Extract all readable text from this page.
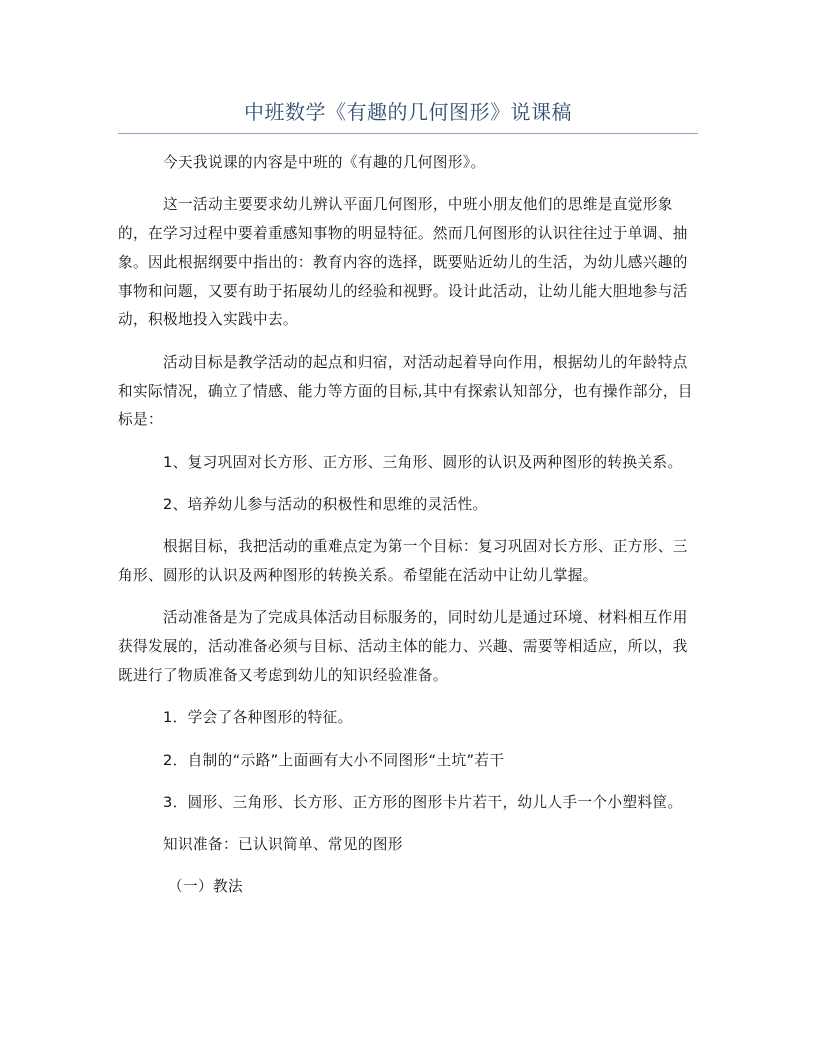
中班数学《有趣的几何图形》说课稿

今天我说课的内容是中班的《有趣的几何图形》。

这一活动主要要求幼儿辨认平面几何图形，中班小朋友他们的思维是直觉形象的，在学习过程中要着重感知事物的明显特征。然而几何图形的认识往往过于单调、抽象。因此根据纲要中指出的：教育内容的选择，既要贴近幼儿的生活，为幼儿感兴趣的事物和问题，又要有助于拓展幼儿的经验和视野。设计此活动，让幼儿能大胆地参与活动，积极地投入实践中去。

活动目标是教学活动的起点和归宿，对活动起着导向作用，根据幼儿的年龄特点和实际情况，确立了情感、能力等方面的目标,其中有探索认知部分，也有操作部分，目标是：

1、复习巩固对长方形、正方形、三角形、圆形的认识及两种图形的转换关系。

2、培养幼儿参与活动的积极性和思维的灵活性。

根据目标，我把活动的重难点定为第一个目标：复习巩固对长方形、正方形、三角形、圆形的认识及两种图形的转换关系。希望能在活动中让幼儿掌握。

活动准备是为了完成具体活动目标服务的，同时幼儿是通过环境、材料相互作用获得发展的，活动准备必须与目标、活动主体的能力、兴趣、需要等相适应，所以，我既进行了物质准备又考虑到幼儿的知识经验准备。

1．学会了各种图形的特征。

2．自制的“示路”上面画有大小不同图形“土坑”若干

3．圆形、三角形、长方形、正方形的图形卡片若干，幼儿人手一个小塑料筐。

知识准备：已认识简单、常见的图形

（一）教法
